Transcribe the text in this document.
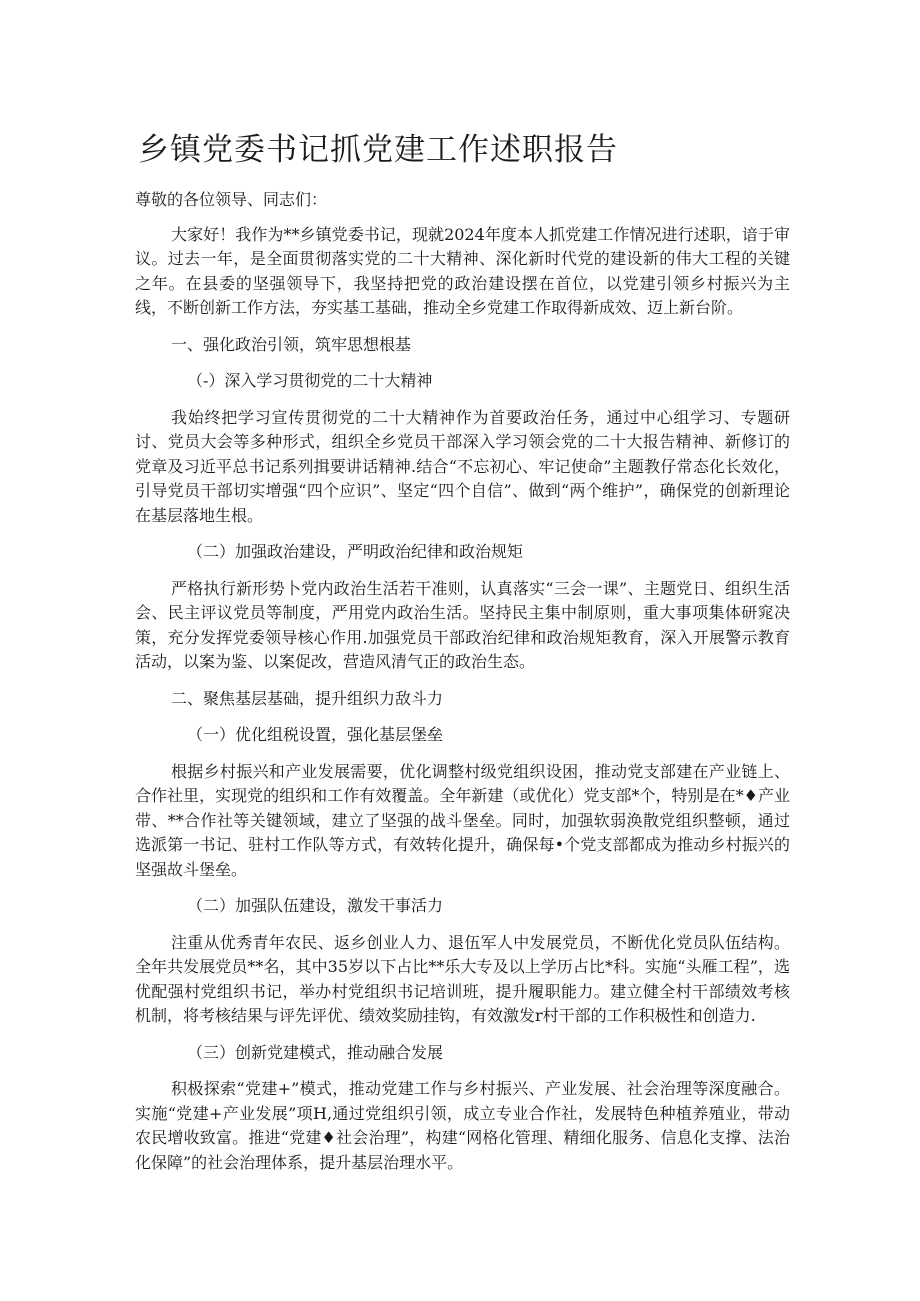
乡镇党委书记抓党建工作述职报告

尊敬的各位领导、同志们：

大家好！我作为**乡镇党委书记，现就2024年度本人抓党建工作情况进行述职，谙于审议。过去一年，是全面贯彻落实党的二十大精神、深化新时代党的建设新的伟大工程的关键之年。在县委的坚强领导下，我坚持把党的政治建设摆在首位，以党建引领乡村振兴为主线，不断创新工作方法，夯实基工基础，推动全乡党建工作取得新成效、迈上新台阶。

一、强化政治引领，筑牢思想根基

（-）深入学习贯彻党的二十大精神

我始终把学习宣传贯彻党的二十大精神作为首要政治任务，通过中心组学习、专题研讨、党员大会等多种形式，组织全乡党员干部深入学习领会党的二十大报告精神、新修订的党章及习近平总书记系列揖要讲话精神.结合“不忘初心、牢记使命”主题教仔常态化长效化，引导党员干部切实增强“四个应识”、坚定“四个自信”、做到“两个维护”，确保党的创新理论在基层落地生根。

（二）加强政治建设，严明政治纪律和政治规矩

严格执行新形势卜党内政治生活若干准则，认真落实“三会一课”、主题党日、组织生活会、民主评议党员等制度，严用党内政治生活。坚持民主集中制原则，重大事项集体研窕决策，充分发挥党委领导核心作用.加强党员干部政治纪律和政治规矩教育，深入开展警示教育活动，以案为鉴、以案促改，营造风清气正的政治生态。

二、聚焦基层基础，提升组织力敌斗力

（一）优化组税设置，强化基层堡垒

根据乡村振兴和产业发展需要，优化调整村级党组织设困，推动党支部建在产业链上、合作社里，实现党的组织和工作有效覆盖。全年新建（或优化）党支部*个，特别是在*♦产业带、**合作社等关键领域，建立了坚强的战斗堡垒。同时，加强软弱涣散党组织整顿，通过选派第一书记、驻村工作队等方式，有效转化提升，确保每•个党支部都成为推动乡村振兴的坚强故斗堡垒。

（二）加强队伍建设，激发干事活力

注重从优秀青年农民、返乡创业人力、退伍军人中发展党员，不断优化党员队伍结构。全年共发展党员**名，其中35岁以下占比**乐大专及以上学历占比*科。实施“头雁工程”，选优配强村党组织书记，举办村党组织书记培训班，提升履职能力。建立健全村干部绩效考核机制，将考核结果与评先评优、绩效奖励挂钩，有效激发r村干部的工作积极性和创造力.

（三）创新党建模式，推动融合发展

积极探索“党建+”模式，推动党建工作与乡村振兴、产业发展、社会治理等深度融合。实施“党建+产业发展”项H,通过党组织引领，成立专业合作社，发展特色种植养殖业，带动农民增收致富。推进“党建♦社会治理”，构建“网格化管理、精细化服务、信息化支撑、法治化保障”的社会治理体系，提升基层治理水平。
